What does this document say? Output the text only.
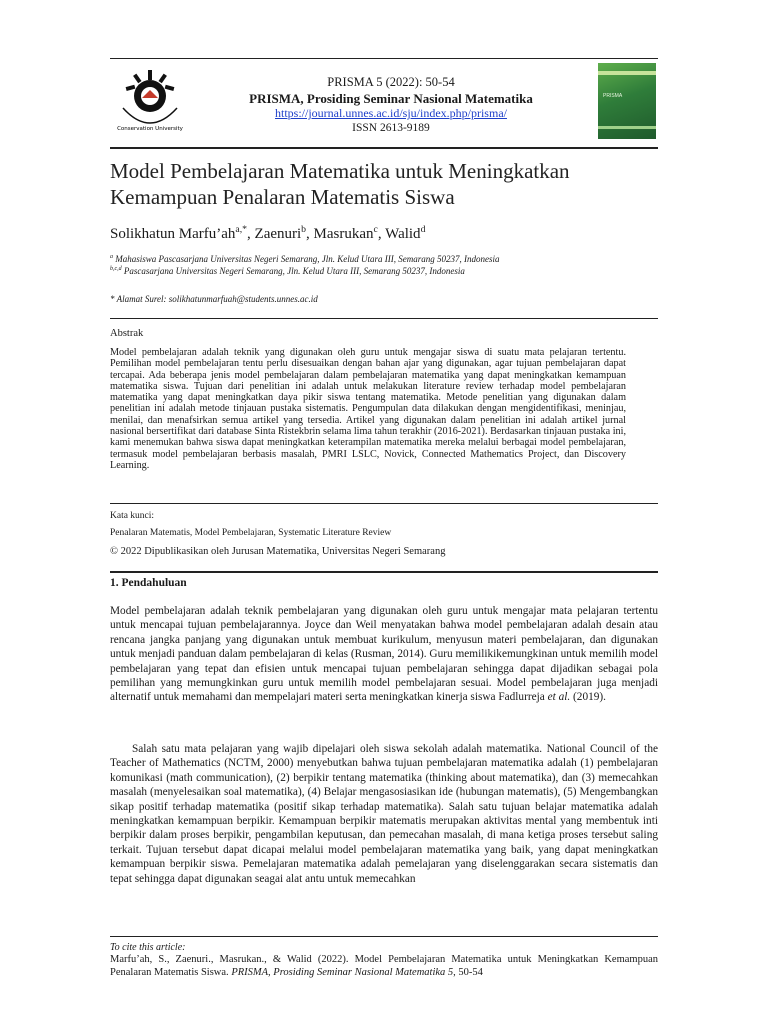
Conservation University
PRISMA 5 (2022): 50-54
PRISMA, Prosiding Seminar Nasional Matematika
https://journal.unnes.ac.id/sju/index.php/prisma/
ISSN 2613-9189
PRISMA
Model Pembelajaran Matematika untuk Meningkatkan
Kemampuan Penalaran Matematis Siswa
Solikhatun $Marfu’ah^{a,*}$, Zaenuri$^b$, Masrukan$^c$, Walid$^d$
$^a$ Mahasiswa Pascasarjana Universitas Negeri Semarang, Jln. Kelud Utara III, Semarang 50237, Indonesia
$^{b,c,d}$ Pascasarjana Universitas Negeri Semarang, Jln. Kelud Utara III, Semarang 50237, Indonesia
* Alamat Surel: solikhatunmarfuah@students.unnes.ac.id
Abstrak
Model pembelajaran adalah teknik yang digunakan oleh guru untuk mengajar siswa di suatu mata pelajaran tertentu. Pemilihan model pembelajaran tentu perlu disesuaikan dengan bahan ajar yang digunakan, agar tujuan pembelajaran dapat tercapai. Ada beberapa jenis model pembelajaran dalam pembelajaran matematika yang dapat meningkatkan kemampuan matematika siswa. Tujuan dari penelitian ini adalah untuk melakukan literature review terhadap model pembelajaran matematika yang dapat meningkatkan daya pikir siswa tentang matematika. Metode penelitian yang digunakan dalam penelitian ini adalah metode tinjauan pustaka sistematis. Pengumpulan data dilakukan dengan mengidentifikasi, meninjau, menilai, dan menafsirkan semua artikel yang tersedia. Artikel yang digunakan dalam penelitian ini adalah artikel jurnal nasional bersertifikat dari database Sinta Ristekbrin selama lima tahun terakhir (2016-2021). Berdasarkan tinjauan pustaka ini, kami menemukan bahwa siswa dapat meningkatkan keterampilan matematika mereka melalui berbagai model pembelajaran, termasuk model pembelajaran berbasis masalah, PMRI LSLC, Novick, Connected Mathematics Project, dan Discovery Learning.
Kata kunci:
Penalaran Matematis, Model Pembelajaran, Systematic Literature Review
© 2022 Dipublikasikan oleh Jurusan Matematika, Universitas Negeri Semarang
1. Pendahuluan
Model pembelajaran adalah teknik pembelajaran yang digunakan oleh guru untuk mengajar mata pelajaran tertentu untuk mencapai tujuan pembelajarannya. Joyce dan Weil menyatakan bahwa model pembelajaran adalah desain atau rencana jangka panjang yang digunakan untuk membuat kurikulum, menyusun materi pembelajaran, dan digunakan untuk menjadi panduan dalam pembelajaran di kelas (Rusman, 2014). Guru memilikikemungkinan untuk memilih model pembelajaran yang tepat dan efisien untuk mencapai tujuan pembelajaran sehingga dapat dijadikan sebagai pola pemilihan yang memungkinkan guru untuk memilih model pembelajaran sesuai. Model pembelajaran juga menjadi alternatif untuk memahami dan mempelajari materi serta meningkatkan kinerja siswa Fadlurreja et al. (2019).
Salah satu mata pelajaran yang wajib dipelajari oleh siswa sekolah adalah matematika. National Council of the Teacher of Mathematics (NCTM, 2000) menyebutkan bahwa tujuan pembelajaran matematika adalah (1) pembelajaran komunikasi (math communication), (2) berpikir tentang matematika (thinking about matematika), dan (3) memecahkan masalah (menyelesaikan soal matematika), (4) Belajar mengasosiasikan ide (hubungan matematis), (5) Mengembangkan sikap positif terhadap matematika (positif sikap terhadap matematika). Salah satu tujuan belajar matematika adalah meningkatkan kemampuan berpikir. Kemampuan berpikir matematis merupakan aktivitas mental yang membentuk inti berpikir dalam proses berpikir, pengambilan keputusan, dan pemecahan masalah, di mana ketiga proses tersebut saling terkait. Tujuan tersebut dapat dicapai melalui model pembelajaran matematika yang baik, yang dapat meningkatkan kemampuan berpikir siswa. Pemelajaran matematika adalah pemelajaran yang diselenggarakan secara sistematis dan tepat sehingga dapat digunakan seagai alat antu untuk memecahkan
To cite this article:
Marfu’ah, S., Zaenuri., Masrukan., & Walid (2022). Model Pembelajaran Matematika untuk Meningkatkan Kemampuan Penalaran Matematis Siswa. PRISMA, Prosiding Seminar Nasional Matematika 5, 50-54
